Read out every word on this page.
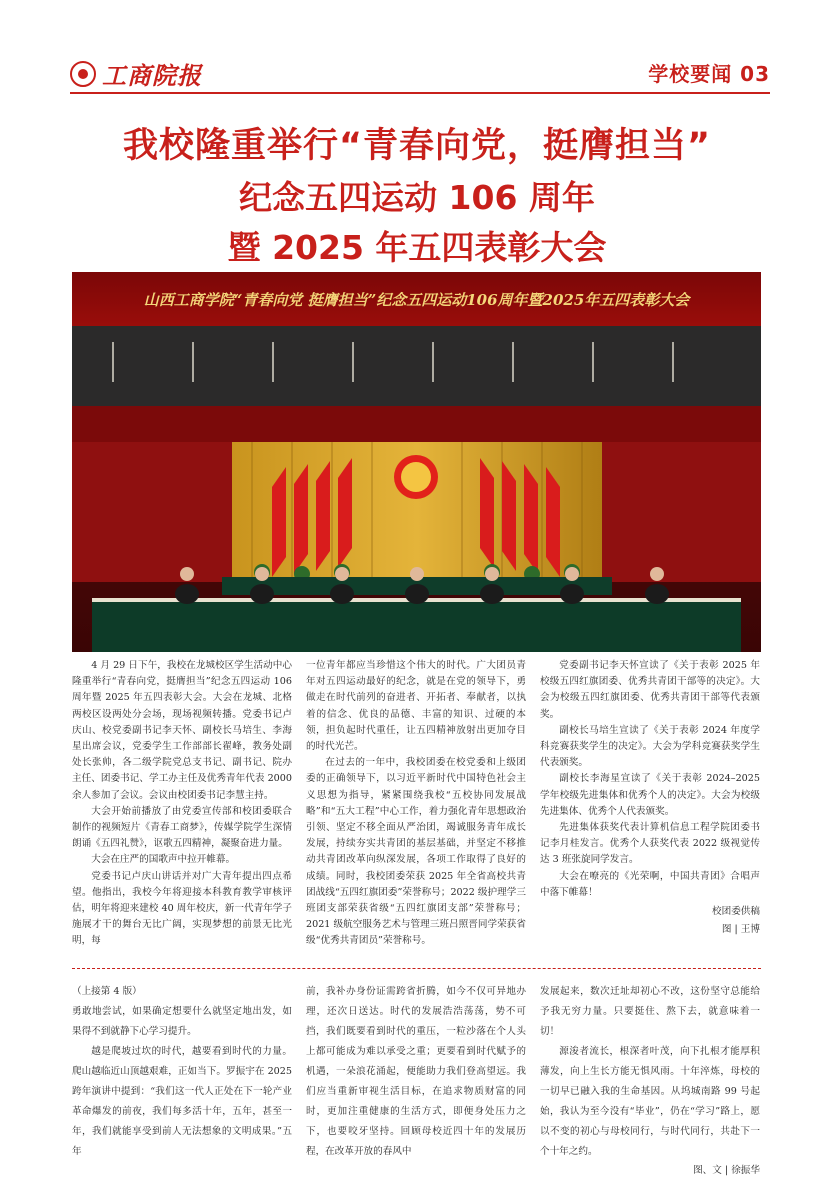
工商院报	学校要闻 03
我校隆重举行“青春向党，挺膺担当”
纪念五四运动 106 周年
暨 2025 年五四表彰大会
山西工商学院“青春向党 挺膺担当”纪念五四运动106周年暨2025年五四表彰大会

4 月 29 日下午，我校在龙城校区学生活动中心隆重举行“青春向党，挺膺担当”纪念五四运动 106 周年暨 2025 年五四表彰大会。大会在龙城、北格两校区设两处分会场，现场视频转播。党委书记卢庆山、校党委副书记李天怀、副校长马培生、李海星出席会议，党委学生工作部部长翟峰，教务处副处长张帅，各二级学院党总支书记、副书记、院办主任、团委书记、学工办主任及优秀青年代表 2000 余人参加了会议。会议由校团委书记李慧主持。

大会开始前播放了由党委宣传部和校团委联合制作的视频短片《青春工商梦》，传媒学院学生深情朗诵《五四礼赞》，讴歌五四精神，凝聚奋进力量。

大会在庄严的国歌声中拉开帷幕。

党委书记卢庆山讲话并对广大青年提出四点希望。他指出，我校今年将迎接本科教育教学审核评估，明年将迎来建校 40 周年校庆，新一代青年学子施展才干的舞台无比广阔，实现梦想的前景无比光明，每

一位青年都应当珍惜这个伟大的时代。广大团员青年对五四运动最好的纪念，就是在党的领导下，勇做走在时代前列的奋进者、开拓者、奉献者，以执着的信念、优良的品德、丰富的知识、过硬的本领，担负起时代重任，让五四精神放射出更加夺目的时代光芒。

在过去的一年中，我校团委在校党委和上级团委的正确领导下，以习近平新时代中国特色社会主义思想为指导，紧紧围绕我校“五校协同发展战略”和“五大工程”中心工作，着力强化青年思想政治引领、坚定不移全面从严治团，竭诚服务青年成长发展，持续夯实共青团的基层基础，并坚定不移推动共青团改革向纵深发展，各项工作取得了良好的成绩。同时，我校团委荣获 2025 年全省高校共青团战线“五四红旗团委”荣誉称号；2022 级护理学三班团支部荣获省级“五四红旗团支部”荣誉称号；2021 级航空服务艺术与管理三班吕照晋同学荣获省级“优秀共青团员”荣誉称号。

党委副书记李天怀宣读了《关于表彰 2025 年校级五四红旗团委、优秀共青团干部等的决定》。大会为校级五四红旗团委、优秀共青团干部等代表颁奖。

副校长马培生宣读了《关于表彰 2024 年度学科竞赛获奖学生的决定》。大会为学科竞赛获奖学生代表颁奖。

副校长李海星宣读了《关于表彰 2024–2025 学年校级先进集体和优秀个人的决定》。大会为校级先进集体、优秀个人代表颁奖。

先进集体获奖代表计算机信息工程学院团委书记李月桂发言。优秀个人获奖代表 2022 级视觉传达 3 班张旋同学发言。

大会在嘹亮的《光荣啊，中国共青团》合唱声中落下帷幕！

校团委供稿
图 | 王博

（上接第 4 版）

勇敢地尝试，如果确定想要什么就坚定地出发，如果得不到就静下心学习提升。

越是爬坡过坎的时代，越要看到时代的力量。爬山越临近山顶越艰难，正如当下。罗振宇在 2025 跨年演讲中提到：“我们这一代人正处在下一轮产业革命爆发的前夜，我们每多活十年，五年，甚至一年，我们就能享受到前人无法想象的文明成果。”五年

前，我补办身份证需跨省折腾，如今不仅可异地办理，还次日送达。时代的发展浩浩荡荡，势不可挡，我们既要看到时代的重压，一粒沙落在个人头上都可能成为难以承受之重；更要看到时代赋予的机遇，一朵浪花涌起，便能助力我们登高望远。我们应当重新审视生活目标，在追求物质财富的同时，更加注重健康的生活方式，即便身处压力之下，也要咬牙坚持。回顾母校近四十年的发展历程，在改革开放的春风中

发展起来，数次迁址却初心不改，这份坚守总能给予我无穷力量。只要挺住、熬下去，就意味着一切！

源浚者流长，根深者叶茂，向下扎根才能厚积薄发，向上生长方能无惧风雨。十年淬炼，母校的一切早已融入我的生命基因。从坞城南路 99 号起始，我认为至今没有“毕业”，仍在“学习”路上，愿以不变的初心与母校同行，与时代同行，共赴下一个十年之约。

图、文 | 徐振华
